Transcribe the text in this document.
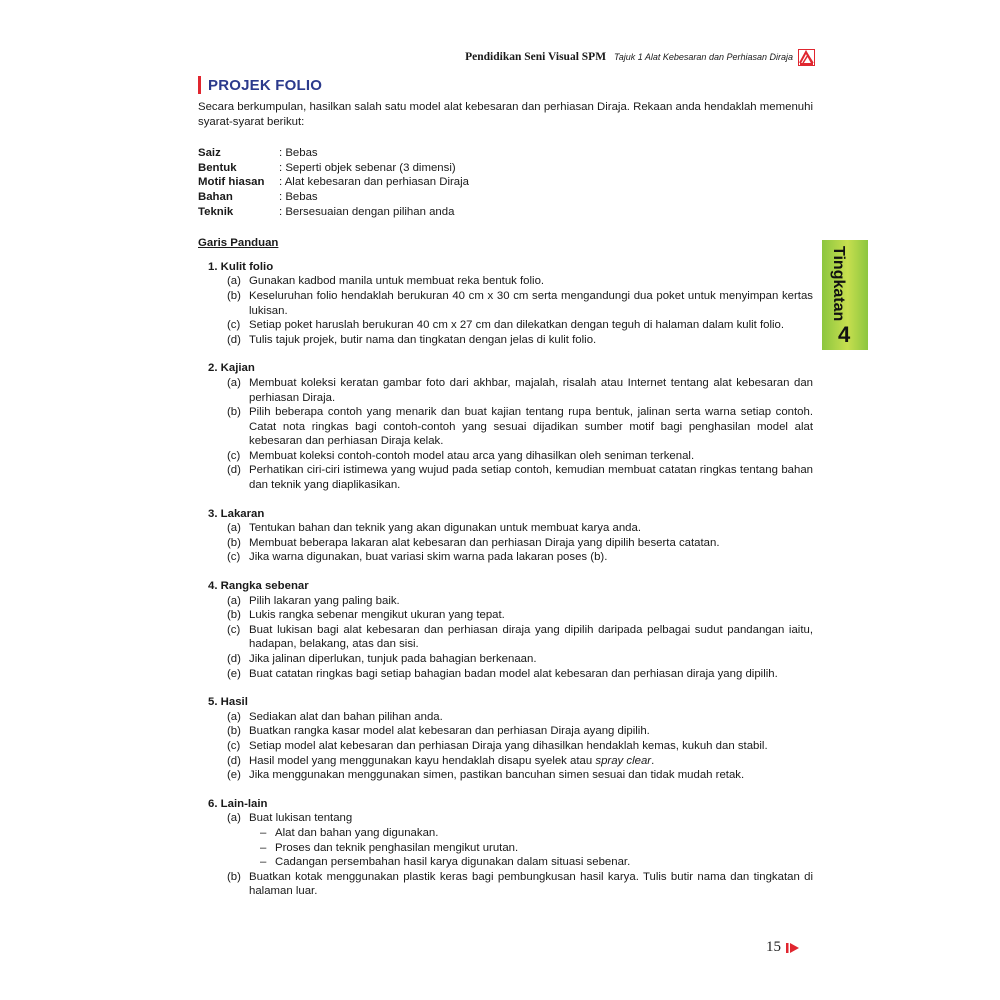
Pendidikan Seni Visual SPM Tajuk 1 Alat Kebesaran dan Perhiasan Diraja
PROJEK FOLIO

Secara berkumpulan, hasilkan salah satu model alat kebesaran dan perhiasan Diraja. Rekaan anda hendaklah memenuhi syarat-syarat berikut:

Saiz	: Bebas
Bentuk	: Seperti objek sebenar (3 dimensi)
Motif hiasan	: Alat kebesaran dan perhiasan Diraja
Bahan	: Bebas
Teknik	: Bersesuaian dengan pilihan anda
Garis Panduan
1. Kulit folio
(a) Gunakan kadbod manila untuk membuat reka bentuk folio.
(b) Keseluruhan folio hendaklah berukuran 40 cm x 30 cm serta mengandungi dua poket untuk menyimpan kertas lukisan.
(c) Setiap poket haruslah berukuran 40 cm x 27 cm dan dilekatkan dengan teguh di halaman dalam kulit folio.
(d) Tulis tajuk projek, butir nama dan tingkatan dengan jelas di kulit folio.
2. Kajian
(a) Membuat koleksi keratan gambar foto dari akhbar, majalah, risalah atau Internet tentang alat kebesaran dan perhiasan Diraja.
(b) Pilih beberapa contoh yang menarik dan buat kajian tentang rupa bentuk, jalinan serta warna setiap contoh. Catat nota ringkas bagi contoh-contoh yang sesuai dijadikan sumber motif bagi penghasilan model alat kebesaran dan perhiasan Diraja kelak.
(c) Membuat koleksi contoh-contoh model atau arca yang dihasilkan oleh seniman terkenal.
(d) Perhatikan ciri-ciri istimewa yang wujud pada setiap contoh, kemudian membuat catatan ringkas tentang bahan dan teknik yang diaplikasikan.
3. Lakaran
(a) Tentukan bahan dan teknik yang akan digunakan untuk membuat karya anda.
(b) Membuat beberapa lakaran alat kebesaran dan perhiasan Diraja yang dipilih beserta catatan.
(c) Jika warna digunakan, buat variasi skim warna pada lakaran poses (b).
4. Rangka sebenar
(a) Pilih lakaran yang paling baik.
(b) Lukis rangka sebenar mengikut ukuran yang tepat.
(c) Buat lukisan bagi alat kebesaran dan perhiasan diraja yang dipilih daripada pelbagai sudut pandangan iaitu, hadapan, belakang, atas dan sisi.
(d) Jika jalinan diperlukan, tunjuk pada bahagian berkenaan.
(e) Buat catatan ringkas bagi setiap bahagian badan model alat kebesaran dan perhiasan diraja yang dipilih.
5. Hasil
(a) Sediakan alat dan bahan pilihan anda.
(b) Buatkan rangka kasar model alat kebesaran dan perhiasan Diraja ayang dipilih.
(c) Setiap model alat kebesaran dan perhiasan Diraja yang dihasilkan hendaklah kemas, kukuh dan stabil.
(d) Hasil model yang menggunakan kayu hendaklah disapu syelek atau spray clear.
(e) Jika menggunakan menggunakan simen, pastikan bancuhan simen sesuai dan tidak mudah retak.
6. Lain-lain
(a) Buat lukisan tentang
– Alat dan bahan yang digunakan.
– Proses dan teknik penghasilan mengikut urutan.
– Cadangan persembahan hasil karya digunakan dalam situasi sebenar.
(b) Buatkan kotak menggunakan plastik keras bagi pembungkusan hasil karya. Tulis butir nama dan tingkatan di halaman luar.
Tingkatan
4
15
